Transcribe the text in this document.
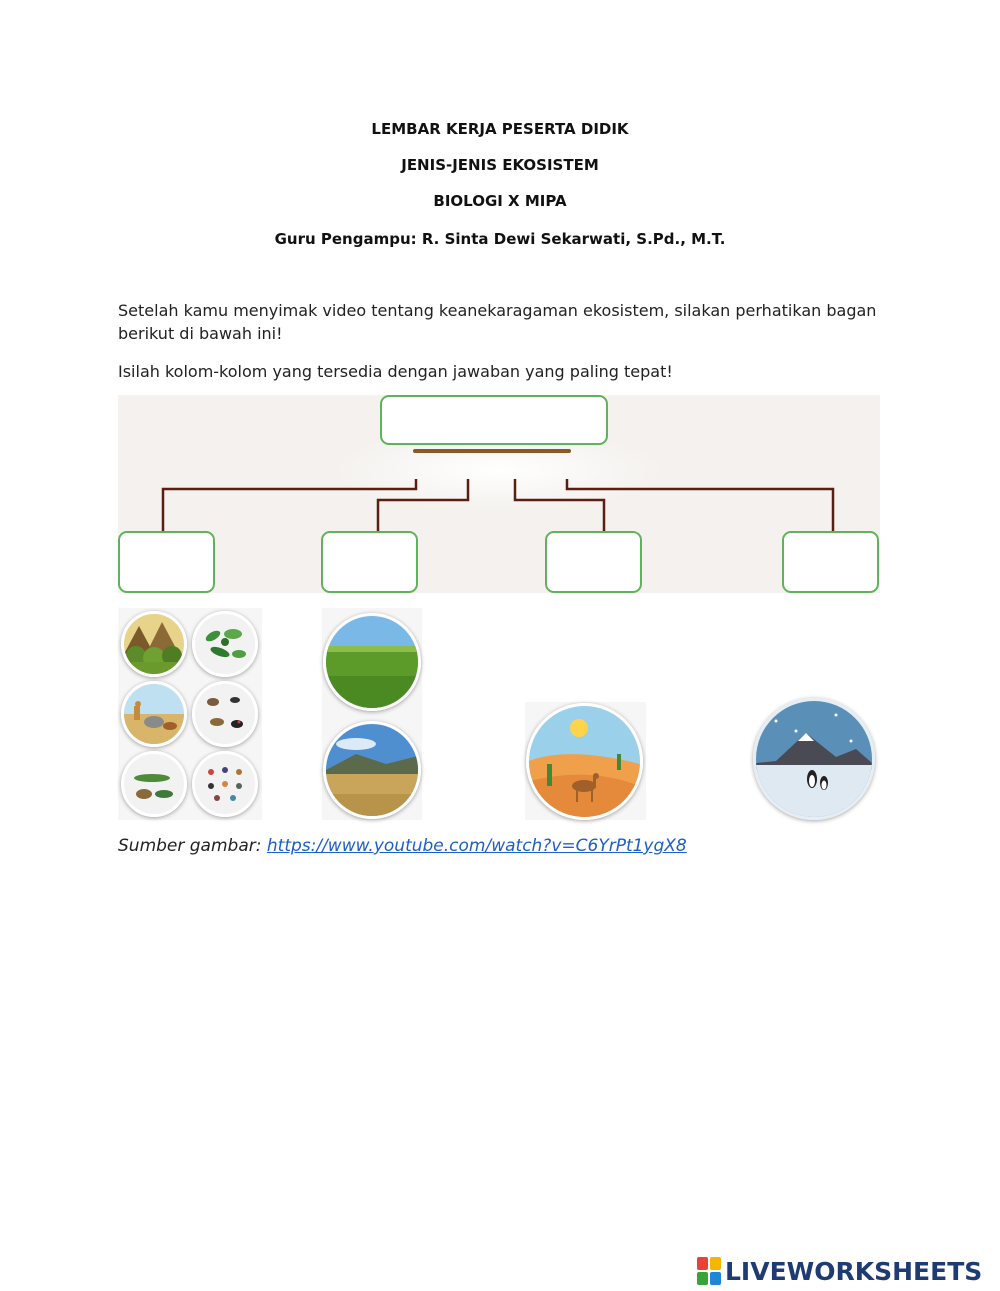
LEMBAR KERJA PESERTA DIDIK
JENIS-JENIS EKOSISTEM
BIOLOGI X MIPA
Guru Pengampu: R. Sinta Dewi Sekarwati, S.Pd., M.T.
Setelah kamu menyimak video tentang keanekaragaman ekosistem, silakan perhatikan bagan berikut di bawah ini!
Isilah kolom-kolom yang tersedia dengan jawaban yang paling tepat!
Sumber gambar: https://www.youtube.com/watch?v=C6YrPt1ygX8
LIVEWORKSHEETS
